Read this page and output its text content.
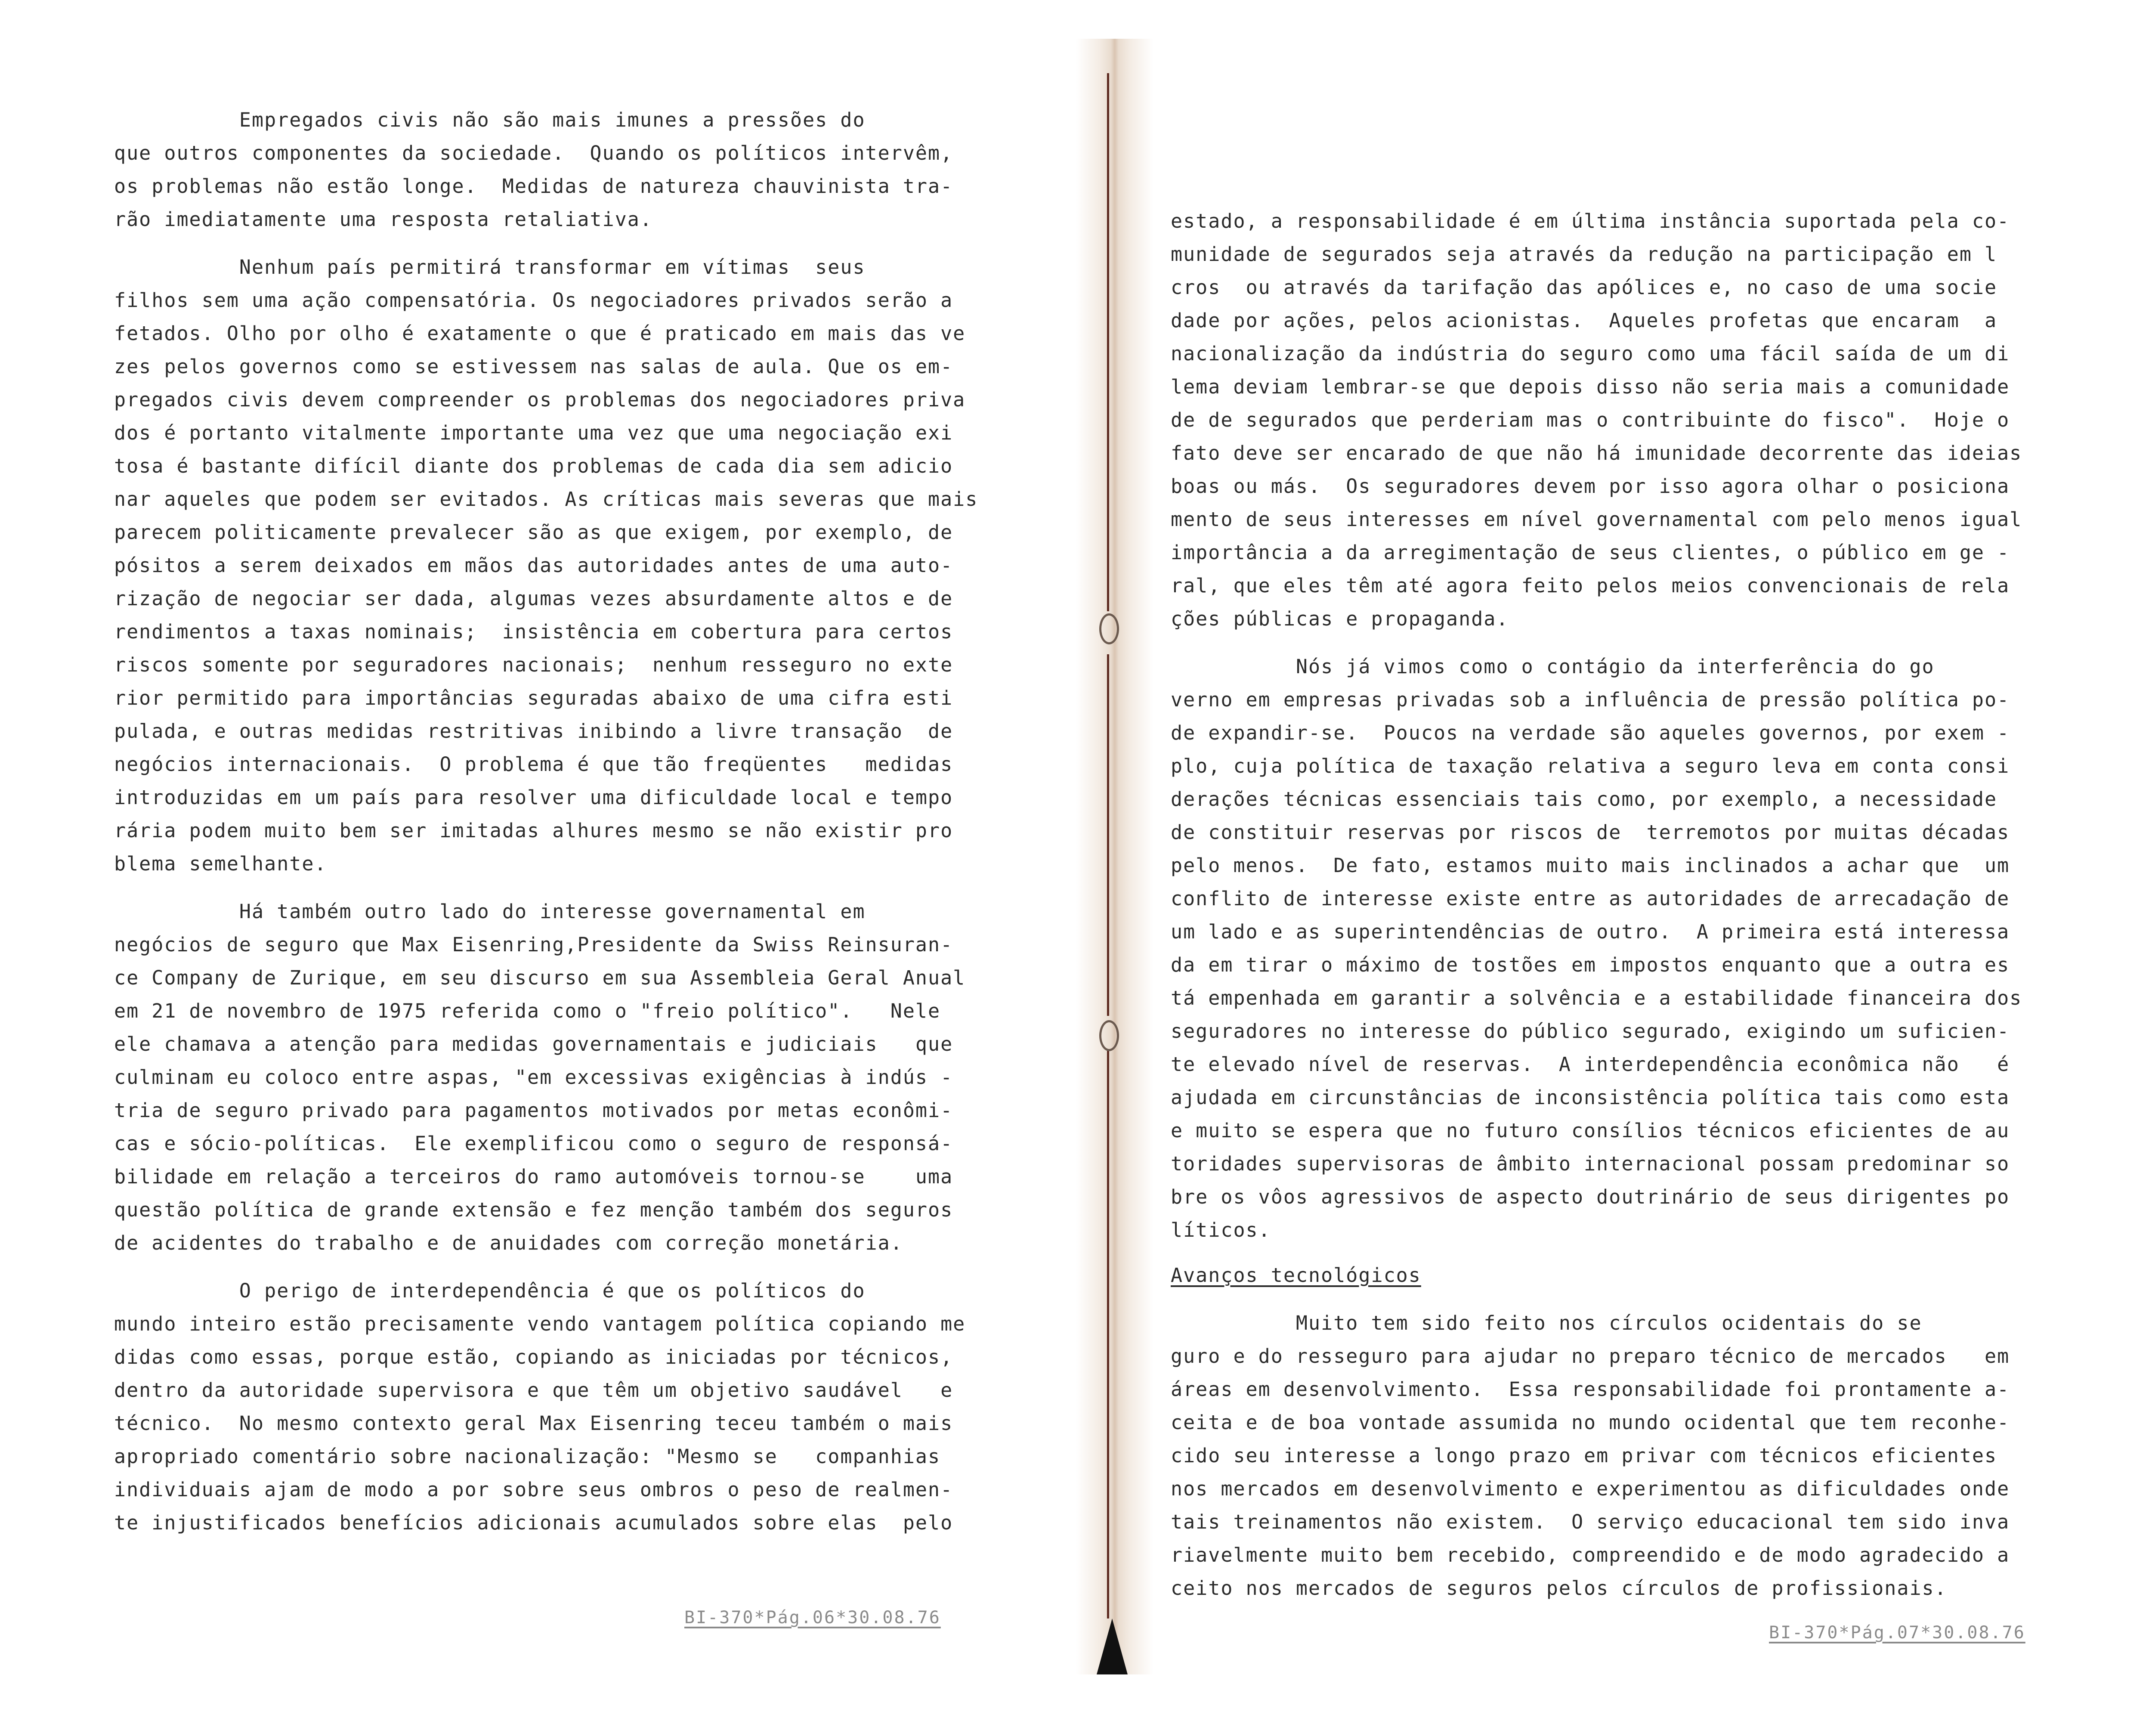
Empregados civis não são mais imunes a pressões do
que outros componentes da sociedade.  Quando os políticos intervêm,
os problemas não estão longe.  Medidas de natureza chauvinista tra-
rão imediatamente uma resposta retaliativa.
Nenhum país permitirá transformar em vítimas  seus
filhos sem uma ação compensatória. Os negociadores privados serão a
fetados. Olho por olho é exatamente o que é praticado em mais das ve
zes pelos governos como se estivessem nas salas de aula. Que os em-
pregados civis devem compreender os problemas dos negociadores priva
dos é portanto vitalmente importante uma vez que uma negociação exi
tosa é bastante difícil diante dos problemas de cada dia sem adicio
nar aqueles que podem ser evitados. As críticas mais severas que mais
parecem politicamente prevalecer são as que exigem, por exemplo, de
pósitos a serem deixados em mãos das autoridades antes de uma auto-
rização de negociar ser dada, algumas vezes absurdamente altos e de
rendimentos a taxas nominais;  insistência em cobertura para certos
riscos somente por seguradores nacionais;  nenhum resseguro no exte
rior permitido para importâncias seguradas abaixo de uma cifra esti
pulada, e outras medidas restritivas inibindo a livre transação  de
negócios internacionais.  O problema é que tão freqüentes   medidas
introduzidas em um país para resolver uma dificuldade local e tempo
rária podem muito bem ser imitadas alhures mesmo se não existir pro
blema semelhante.
Há também outro lado do interesse governamental em
negócios de seguro que Max Eisenring,Presidente da Swiss Reinsuran-
ce Company de Zurique, em seu discurso em sua Assembleia Geral Anual
em 21 de novembro de 1975 referida como o "freio político".   Nele
ele chamava a atenção para medidas governamentais e judiciais   que
culminam eu coloco entre aspas, "em excessivas exigências à indús -
tria de seguro privado para pagamentos motivados por metas econômi-
cas e sócio-políticas.  Ele exemplificou como o seguro de responsá-
bilidade em relação a terceiros do ramo automóveis tornou-se    uma
questão política de grande extensão e fez menção também dos seguros
de acidentes do trabalho e de anuidades com correção monetária.
O perigo de interdependência é que os políticos do
mundo inteiro estão precisamente vendo vantagem política copiando me
didas como essas, porque estão, copiando as iniciadas por técnicos,
dentro da autoridade supervisora e que têm um objetivo saudável   e
técnico.  No mesmo contexto geral Max Eisenring teceu também o mais
apropriado comentário sobre nacionalização: "Mesmo se   companhias
individuais ajam de modo a por sobre seus ombros o peso de realmen-
te injustificados benefícios adicionais acumulados sobre elas  pelo
BI-370*Pág.06*30.08.76
estado, a responsabilidade é em última instância suportada pela co-
munidade de segurados seja através da redução na participação em l
cros  ou através da tarifação das apólices e, no caso de uma socie
dade por ações, pelos acionistas.  Aqueles profetas que encaram  a
nacionalização da indústria do seguro como uma fácil saída de um di
lema deviam lembrar-se que depois disso não seria mais a comunidade
de de segurados que perderiam mas o contribuinte do fisco".  Hoje o
fato deve ser encarado de que não há imunidade decorrente das ideias
boas ou más.  Os seguradores devem por isso agora olhar o posiciona
mento de seus interesses em nível governamental com pelo menos igual
importância a da arregimentação de seus clientes, o público em ge -
ral, que eles têm até agora feito pelos meios convencionais de rela
ções públicas e propaganda.
Nós já vimos como o contágio da interferência do go
verno em empresas privadas sob a influência de pressão política po-
de expandir-se.  Poucos na verdade são aqueles governos, por exem -
plo, cuja política de taxação relativa a seguro leva em conta consi
derações técnicas essenciais tais como, por exemplo, a necessidade
de constituir reservas por riscos de  terremotos por muitas décadas
pelo menos.  De fato, estamos muito mais inclinados a achar que  um
conflito de interesse existe entre as autoridades de arrecadação de
um lado e as superintendências de outro.  A primeira está interessa
da em tirar o máximo de tostões em impostos enquanto que a outra es
tá empenhada em garantir a solvência e a estabilidade financeira dos
seguradores no interesse do público segurado, exigindo um suficien-
te elevado nível de reservas.  A interdependência econômica não   é
ajudada em circunstâncias de inconsistência política tais como esta
e muito se espera que no futuro consílios técnicos eficientes de au
toridades supervisoras de âmbito internacional possam predominar so
bre os vôos agressivos de aspecto doutrinário de seus dirigentes po
líticos.
Avanços tecnológicos
Muito tem sido feito nos círculos ocidentais do se
guro e do resseguro para ajudar no preparo técnico de mercados   em
áreas em desenvolvimento.  Essa responsabilidade foi prontamente a-
ceita e de boa vontade assumida no mundo ocidental que tem reconhe-
cido seu interesse a longo prazo em privar com técnicos eficientes
nos mercados em desenvolvimento e experimentou as dificuldades onde
tais treinamentos não existem.  O serviço educacional tem sido inva
riavelmente muito bem recebido, compreendido e de modo agradecido a
ceito nos mercados de seguros pelos círculos de profissionais.
BI-370*Pág.07*30.08.76
